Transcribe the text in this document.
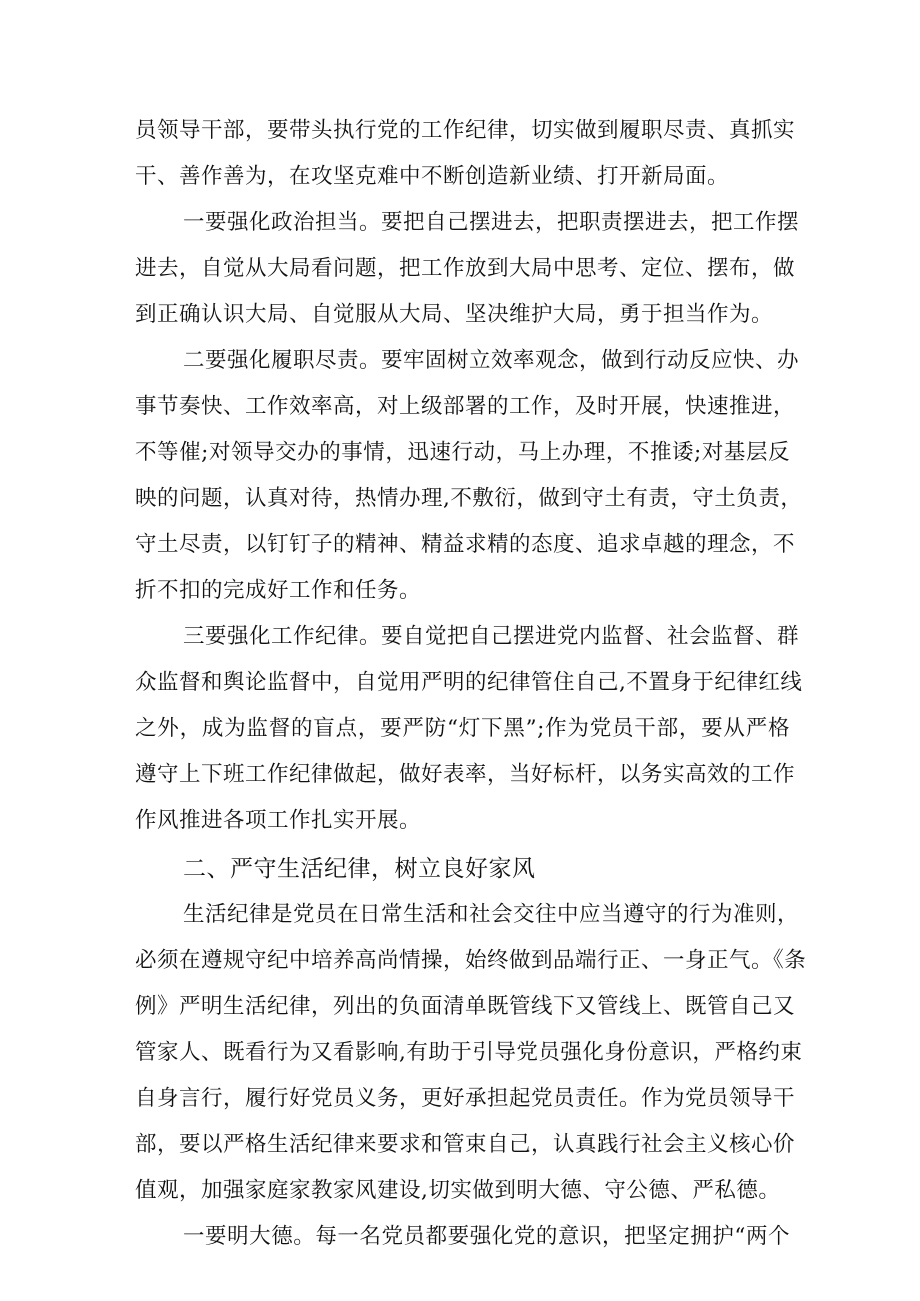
员领导干部，要带头执行党的工作纪律，切实做到履职尽责、真抓实
干、善作善为，在攻坚克难中不断创造新业绩、打开新局面。
一要强化政治担当。要把自己摆进去，把职责摆进去，把工作摆
进去，自觉从大局看问题，把工作放到大局中思考、定位、摆布，做
到正确认识大局、自觉服从大局、坚决维护大局，勇于担当作为。
二要强化履职尽责。要牢固树立效率观念，做到行动反应快、办
事节奏快、工作效率高，对上级部署的工作，及时开展，快速推进，
不等催;对领导交办的事情，迅速行动，马上办理，不推诿;对基层反
映的问题，认真对待，热情办理,不敷衍，做到守土有责，守土负责，
守土尽责，以钉钉子的精神、精益求精的态度、追求卓越的理念，不
折不扣的完成好工作和任务。
三要强化工作纪律。要自觉把自己摆进党内监督、社会监督、群
众监督和舆论监督中，自觉用严明的纪律管住自己,不置身于纪律红线
之外，成为监督的盲点，要严防“灯下黑”;作为党员干部，要从严格
遵守上下班工作纪律做起，做好表率，当好标杆，以务实高效的工作
作风推进各项工作扎实开展。
二、严守生活纪律，树立良好家风
生活纪律是党员在日常生活和社会交往中应当遵守的行为准则，
必须在遵规守纪中培养高尚情操，始终做到品端行正、一身正气。《条
例》严明生活纪律，列出的负面清单既管线下又管线上、既管自己又
管家人、既看行为又看影响,有助于引导党员强化身份意识，严格约束
自身言行，履行好党员义务，更好承担起党员责任。作为党员领导干
部，要以严格生活纪律来要求和管束自己，认真践行社会主义核心价
值观，加强家庭家教家风建设,切实做到明大德、守公德、严私德。
一要明大德。每一名党员都要强化党的意识，把坚定拥护“两个
